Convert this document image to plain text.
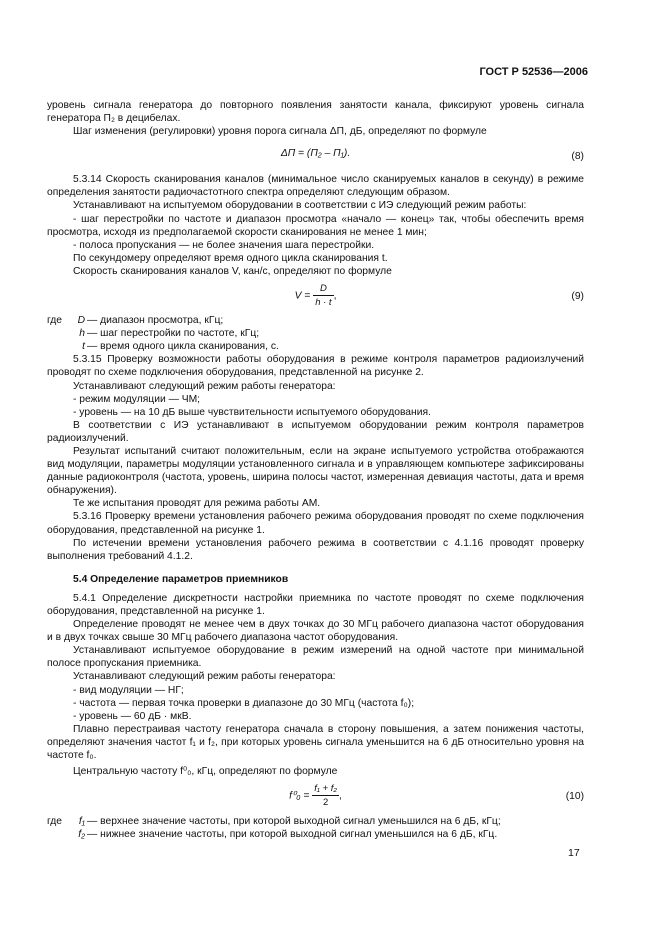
ГОСТ Р 52536—2006

уровень сигнала генератора до повторного появления занятости канала, фиксируют уровень сигнала генератора П₂ в децибелах.

Шаг изменения (регулировки) уровня порога сигнала ΔП, дБ, определяют по формуле

ΔП = (П₂ – П₁).	(8)

5.3.14 Скорость сканирования каналов (минимальное число сканируемых каналов в секунду) в режиме определения занятости радиочастотного спектра определяют следующим образом.

Устанавливают на испытуемом оборудовании в соответствии с ИЭ следующий режим работы:

- шаг перестройки по частоте и диапазон просмотра «начало — конец» так, чтобы обеспечить время просмотра, исходя из предполагаемой скорости сканирования не менее 1 мин;

- полоса пропускания — не более значения шага перестройки.

По секундомеру определяют время одного цикла сканирования t.

Скорость сканирования каналов V, кан/с, определяют по формуле

$V = \frac{D}{h \cdot t}$ ,	(9)
где	D — диапазон просмотра, кГц;
h — шаг перестройки по частоте, кГц;
t — время одного цикла сканирования, с.

5.3.15 Проверку возможности работы оборудования в режиме контроля параметров радиоизлучений проводят по схеме подключения оборудования, представленной на рисунке 2.

Устанавливают следующий режим работы генератора:

- режим модуляции — ЧМ;

- уровень — на 10 дБ выше чувствительности испытуемого оборудования.

В соответствии с ИЭ устанавливают в испытуемом оборудовании режим контроля параметров радиоизлучений.

Результат испытаний считают положительным, если на экране испытуемого устройства отображаются вид модуляции, параметры модуляции установленного сигнала и в управляющем компьютере зафиксированы данные радиоконтроля (частота, уровень, ширина полосы частот, измеренная девиация частоты, дата и время обнаружения).

Те же испытания проводят для режима работы АМ.

5.3.16 Проверку времени установления рабочего режима оборудования проводят по схеме подключения оборудования, представленной на рисунке 1.

По истечении времени установления рабочего режима в соответствии с 4.1.16 проводят проверку выполнения требований 4.1.2.

5.4 Определение параметров приемников

5.4.1 Определение дискретности настройки приемника по частоте проводят по схеме подключения оборудования, представленной на рисунке 1.

Определение проводят не менее чем в двух точках до 30 МГц рабочего диапазона частот оборудования и в двух точках свыше 30 МГц рабочего диапазона частот оборудования.

Устанавливают испытуемое оборудование в режим измерений на одной частоте при минимальной полосе пропускания приемника.

Устанавливают следующий режим работы генератора:

- вид модуляции — НГ;

- частота — первая точка проверки в диапазоне до 30 МГц (частота f₀);

- уровень — 60 дБ · мкВ.

Плавно перестраивая частоту генератора сначала в сторону повышения, а затем понижения частоты, определяют значения частот f₁ и f₂, при которых уровень сигнала уменьшится на 6 дБ относительно уровня на частоте f₀.

Центральную частоту f⁰₀, кГц, определяют по формуле

$f^0_0 = \frac{\text{f₁ + f₂}}{2}$ ,	(10)
где	f₁ — верхнее значение частоты, при которой выходной сигнал уменьшился на 6 дБ, кГц;
f₂ — нижнее значение частоты, при которой выходной сигнал уменьшился на 6 дБ, кГц.
17
